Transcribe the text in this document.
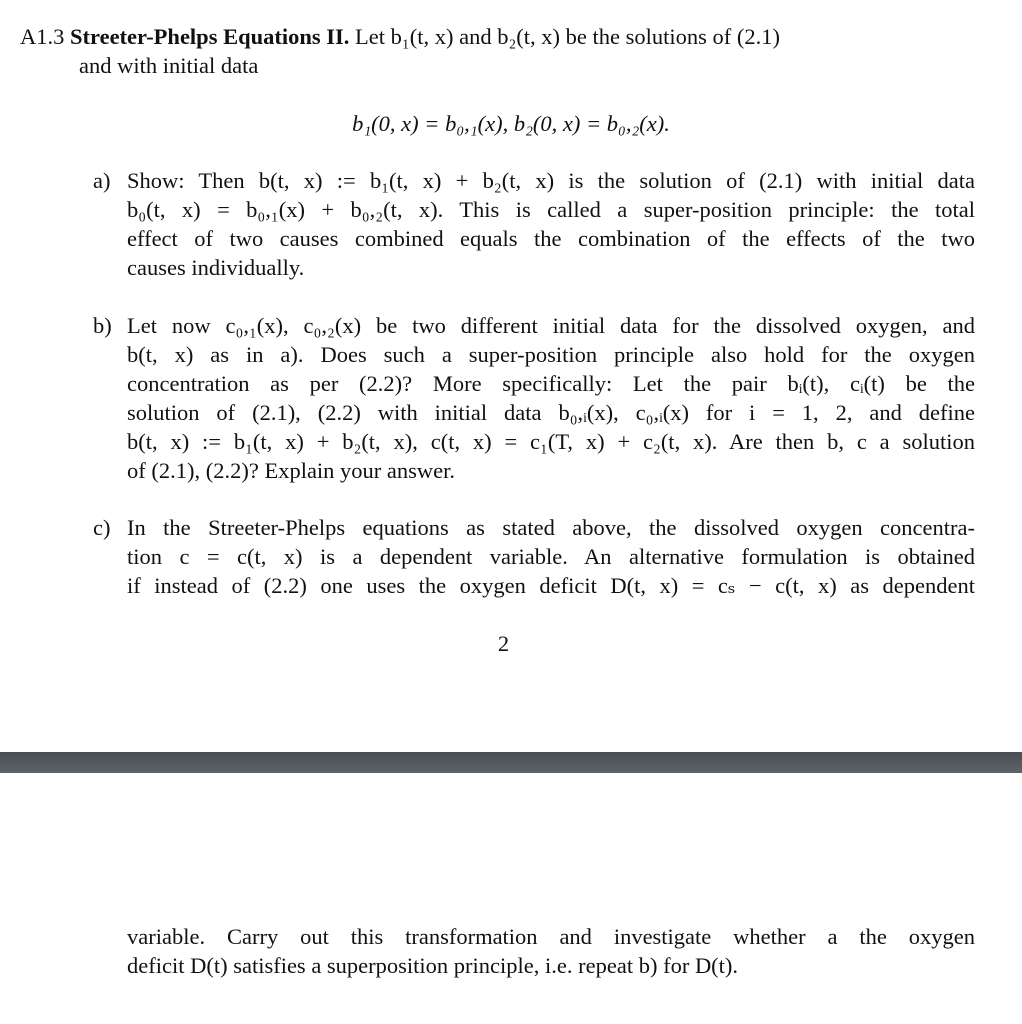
A1.3 Streeter-Phelps Equations II. Let b₁(t, x) and b₂(t, x) be the solutions of (2.1)
and with initial data
b₁(0, x) = b₀,₁(x), b₂(0, x) = b₀,₂(x).
a) Show: Then b(t, x) := b₁(t, x) + b₂(t, x) is the solution of (2.1) with initial data
b₀(t, x) = b₀,₁(x) + b₀,₂(t, x). This is called a super-position principle: the total
effect of two causes combined equals the combination of the effects of the two
causes individually.
b) Let now c₀,₁(x), c₀,₂(x) be two different initial data for the dissolved oxygen, and
b(t, x) as in a). Does such a super-position principle also hold for the oxygen
concentration as per (2.2)? More specifically: Let the pair bᵢ(t), cᵢ(t) be the
solution of (2.1), (2.2) with initial data b₀,ᵢ(x), c₀,ᵢ(x) for i = 1, 2, and define
b(t, x) := b₁(t, x) + b₂(t, x), c(t, x) = c₁(T, x) + c₂(t, x). Are then b, c a solution
of (2.1), (2.2)? Explain your answer.
c) In the Streeter-Phelps equations as stated above, the dissolved oxygen concentra-
tion c = c(t, x) is a dependent variable. An alternative formulation is obtained
if instead of (2.2) one uses the oxygen deficit D(t, x) = cₛ − c(t, x) as dependent
2
variable. Carry out this transformation and investigate whether a the oxygen
deficit D(t) satisfies a superposition principle, i.e. repeat b) for D(t).
